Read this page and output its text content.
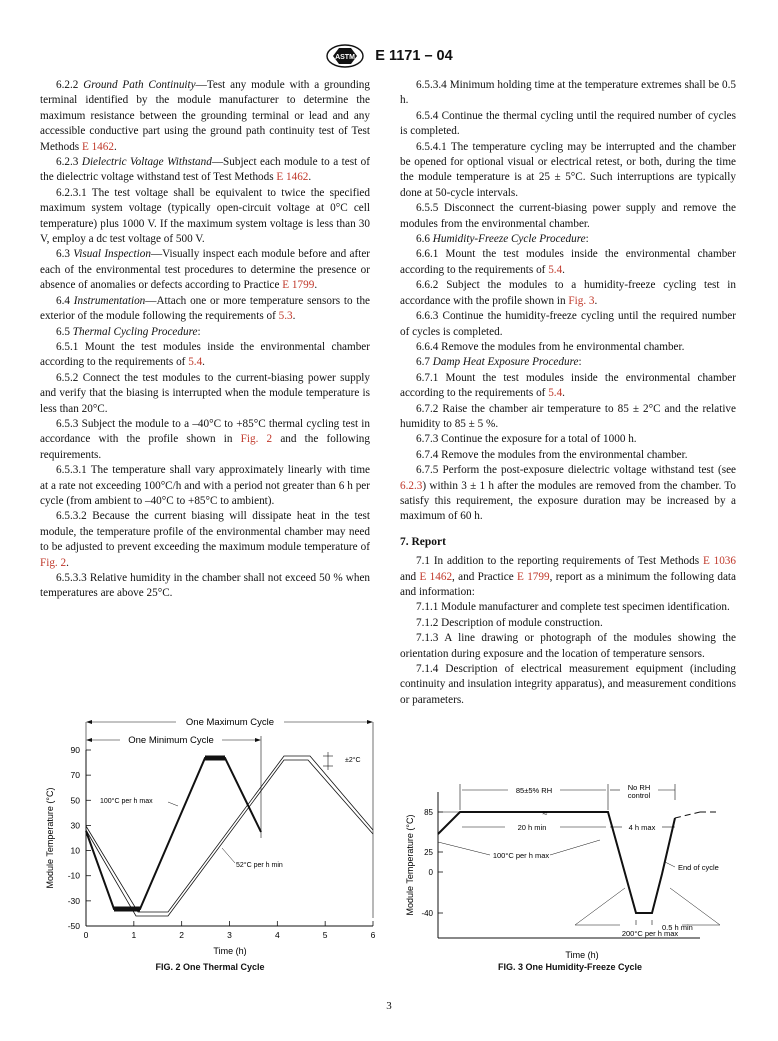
ASTM E 1171 – 04

6.2.2 Ground Path Continuity—Test any module with a grounding terminal identified by the module manufacturer to determine the maximum resistance between the grounding terminal or lead and any accessible conductive part using the ground path continuity test of Test Methods E 1462.

6.2.3 Dielectric Voltage Withstand—Subject each module to a test of the dielectric voltage withstand test of Test Methods E 1462.

6.2.3.1 The test voltage shall be equivalent to twice the specified maximum system voltage (typically open-circuit voltage at 0°C cell temperature) plus 1000 V. If the maximum system voltage is less than 30 V, employ a dc test voltage of 500 V.

6.3 Visual Inspection—Visually inspect each module before and after each of the environmental test procedures to determine the presence or absence of anomalies or defects according to Practice E 1799.

6.4 Instrumentation—Attach one or more temperature sensors to the exterior of the module following the requirements of 5.3.

6.5 Thermal Cycling Procedure:

6.5.1 Mount the test modules inside the environmental chamber according to the requirements of 5.4.

6.5.2 Connect the test modules to the current-biasing power supply and verify that the biasing is interrupted when the module temperature is less than 20°C.

6.5.3 Subject the module to a –40°C to +85°C thermal cycling test in accordance with the profile shown in Fig. 2 and the following requirements.

6.5.3.1 The temperature shall vary approximately linearly with time at a rate not exceeding 100°C/h and with a period not greater than 6 h per cycle (from ambient to –40°C to +85°C to ambient).

6.5.3.2 Because the current biasing will dissipate heat in the test module, the temperature profile of the environmental chamber may need to be adjusted to prevent exceeding the maximum module temperature of Fig. 2.

6.5.3.3 Relative humidity in the chamber shall not exceed 50 % when temperatures are above 25°C.

6.5.3.4 Minimum holding time at the temperature extremes shall be 0.5 h.

6.5.4 Continue the thermal cycling until the required number of cycles is completed.

6.5.4.1 The temperature cycling may be interrupted and the chamber be opened for optional visual or electrical retest, or both, during the time the module temperature is at 25 ± 5°C. Such interruptions are typically done at 50-cycle intervals.

6.5.5 Disconnect the current-biasing power supply and remove the modules from the environmental chamber.

6.6 Humidity-Freeze Cycle Procedure:

6.6.1 Mount the test modules inside the environmental chamber according to the requirements of 5.4.

6.6.2 Subject the modules to a humidity-freeze cycling test in accordance with the profile shown in Fig. 3.

6.6.3 Continue the humidity-freeze cycling until the required number of cycles is completed.

6.6.4 Remove the modules from he environmental chamber.

6.7 Damp Heat Exposure Procedure:

6.7.1 Mount the test modules inside the environmental chamber according to the requirements of 5.4.

6.7.2 Raise the chamber air temperature to 85 ± 2°C and the relative humidity to 85 ± 5 %.

6.7.3 Continue the exposure for a total of 1000 h.

6.7.4 Remove the modules from the environmental chamber.

6.7.5 Perform the post-exposure dielectric voltage withstand test (see 6.2.3) within 3 ± 1 h after the modules are removed from the chamber. To satisfy this requirement, the exposure duration may be increased by a maximum of 60 h.

7. Report

7.1 In addition to the reporting requirements of Test Methods E 1036 and E 1462, and Practice E 1799, report as a minimum the following data and information:

7.1.1 Module manufacturer and complete test specimen identification.

7.1.2 Description of module construction.

7.1.3 A line drawing or photograph of the modules showing the orientation during exposure and the location of temperature sensors.

7.1.4 Description of electrical measurement equipment (including continuity and insulation integrity apparatus), and measurement conditions or parameters.

One Maximum Cycle
One Minimum Cycle
±2°C
90
70
50
30
10
-10
-30
-50
0	1	2	3	4	5	6
100°C per h max
52°C per h min
Module Temperature (°C)
Time (h)
FIG. 2 One Thermal Cycle
85
25
0
-40
≈
85±5% RH	No RH
control
20 h min	4 h max
100°C per h max
End of cycle
0.5 h min
200°C per h max
Module Temperature (°C)
Time (h)
FIG. 3 One Humidity-Freeze Cycle
3
